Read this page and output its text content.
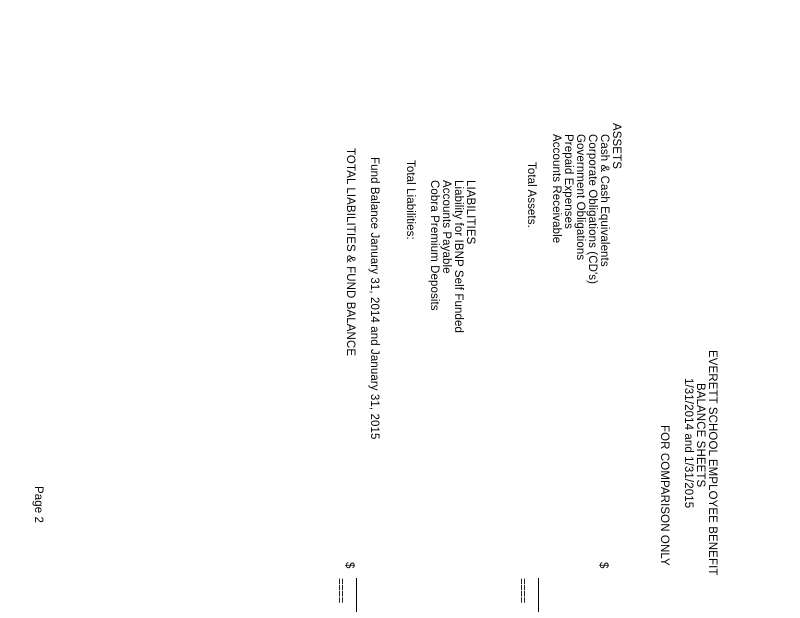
EVERETT SCHOOL EMPLOYEE BENEFIT
BALANCE SHEETS
1/31/2014 and 1/31/2015
FOR COMPARISON ONLY
ASSETS
Cash & Cash Equivalents
Corporate Obligations (CD's)
Government Obligations
Prepaid Expenses
Accounts Receivable
Total Assets.
$
====
LIABILITIES
Liability for IBNP Self Funded
Accounts Payable
Cobra Premium Deposits
Total Liabilities:
Fund Balance January 31, 2014 and January 31, 2015
TOTAL LIABILITIES & FUND BALANCE
$
====
Page 2
